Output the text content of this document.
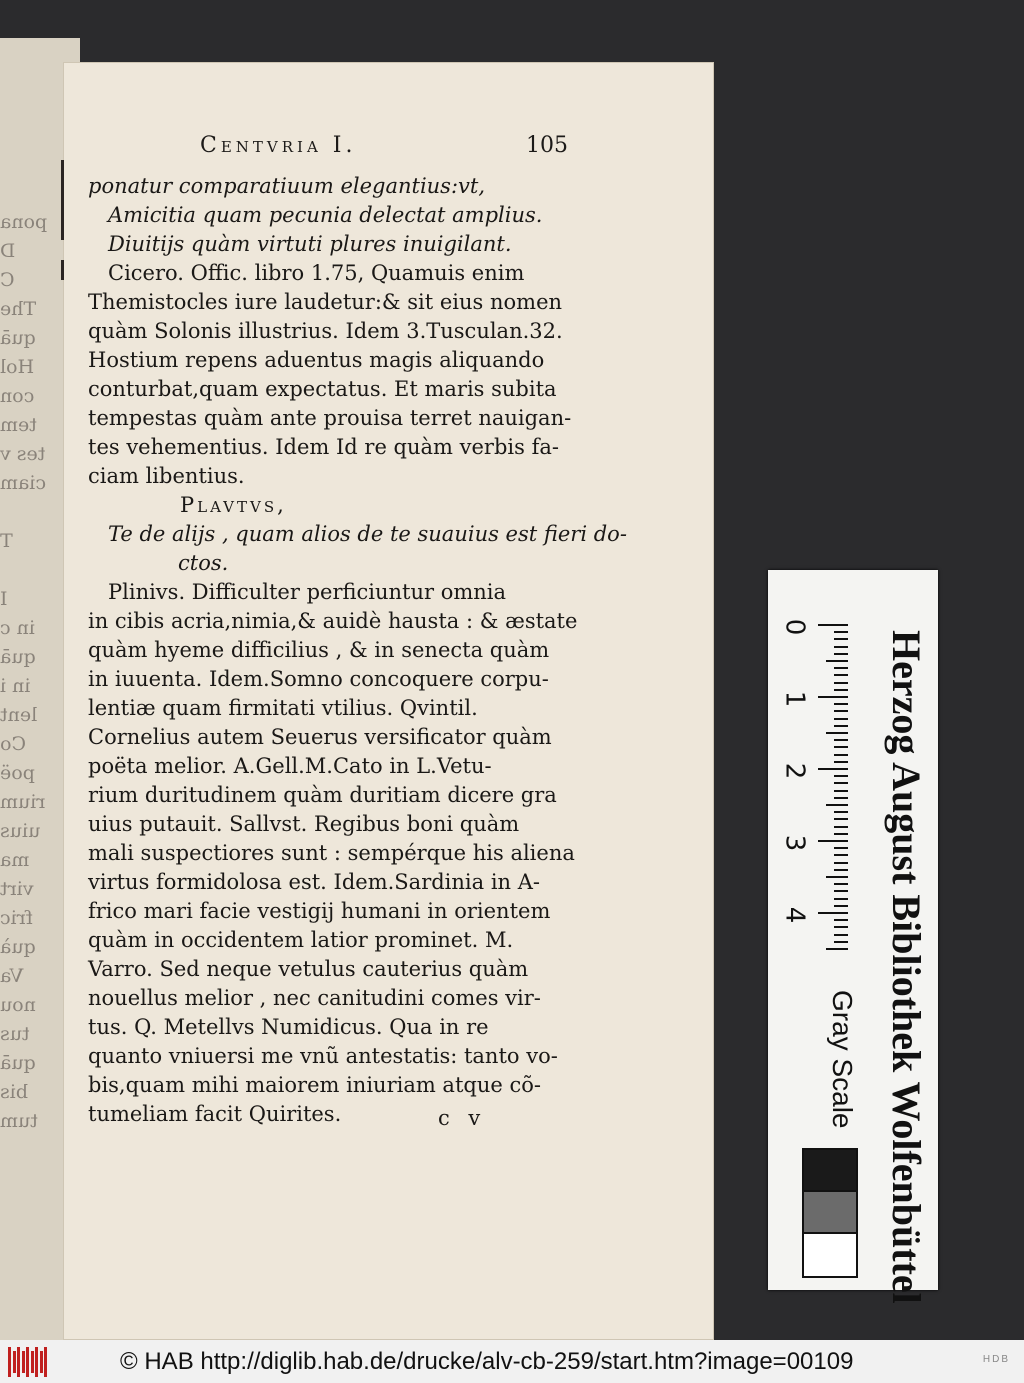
pona
D
C
The
quā
Hol
con
tem
tes v
ciam
T
I
in c
quā
in i
lent
Co
poë
rium
uius
ma
virt
fric
quà
Va
nou
tus
quā
bis
tum
Centvria I.	105
ponatur comparatiuum elegantius:vt,
Amicitia quam pecunia delectat amplius.
Diuitijs quàm virtuti plures inuigilant.
Cicero. Offic. libro 1.75, Quamuis enim
Themistocles iure laudetur:& sit eius nomen
quàm Solonis illustrius. Idem 3.Tusculan.32.
Hostium repens aduentus magis aliquando
conturbat,quam expectatus. Et maris subita
tempestas quàm ante prouisa terret nauigan-
tes vehementius. Idem Id re quàm verbis fa-
ciam libentius.
Plavtvs,
Te de alijs , quam alios de te suauius est fieri do-
ctos.
Plinivs. Difficulter perficiuntur omnia
in cibis acria,nimia,& auidè hausta : & æstate
quàm hyeme difficilius , & in senecta quàm
in iuuenta. Idem.Somno concoquere corpu-
lentiæ quam firmitati vtilius. Qvintil.
Cornelius autem Seuerus versificator quàm
poëta melior. A.Gell.M.Cato in L.Vetu-
rium duritudinem quàm duritiam dicere gra
uius putauit. Sallvst. Regibus boni quàm
mali suspectiores sunt : sempérque his aliena
virtus formidolosa est. Idem.Sardinia in A-
frico mari facie vestigij humani in orientem
quàm in occidentem latior prominet. M.
Varro. Sed neque vetulus cauterius quàm
nouellus melior , nec canitudini comes vir-
tus. Q. Metellvs Numidicus. Qua in re
quanto vniuersi me vnũ antestatis: tanto vo-
bis,quam mihi maiorem iniuriam atque cõ-
tumeliam facit Quirites.	c v
0
1
2
3
4	Herzog August Bibliothek Wolfenbüttel
Gray Scale
© HAB http://diglib.hab.de/drucke/alv-cb-259/start.htm?image=00109	HDB
